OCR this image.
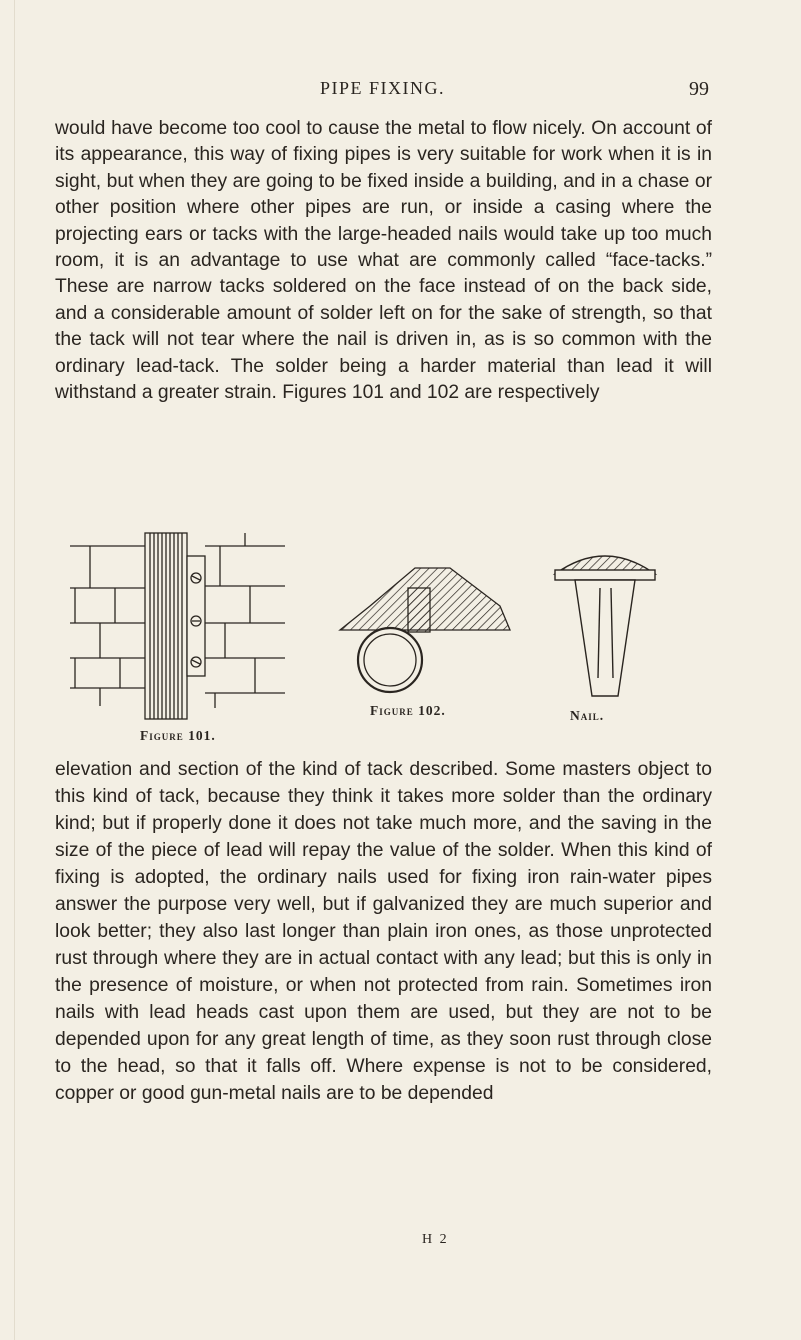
PIPE FIXING.	99

would have become too cool to cause the metal to flow nicely. On account of its appearance, this way of fixing pipes is very suitable for work when it is in sight, but when they are going to be fixed inside a building, and in a chase or other position where other pipes are run, or inside a casing where the projecting ears or tacks with the large-headed nails would take up too much room, it is an advantage to use what are commonly called “face-tacks.” These are narrow tacks soldered on the face instead of on the back side, and a considerable amount of solder left on for the sake of strength, so that the tack will not tear where the nail is driven in, as is so common with the ordinary lead-tack. The solder being a harder material than lead it will withstand a greater strain. Figures 101 and 102 are respectively

Figure 101.
Figure 102.	Nail.

elevation and section of the kind of tack described. Some masters object to this kind of tack, because they think it takes more solder than the ordinary kind; but if properly done it does not take much more, and the saving in the size of the piece of lead will repay the value of the solder. When this kind of fixing is adopted, the ordinary nails used for fixing iron rain-water pipes answer the purpose very well, but if galvanized they are much superior and look better; they also last longer than plain iron ones, as those unprotected rust through where they are in actual contact with any lead; but this is only in the presence of moisture, or when not protected from rain. Sometimes iron nails with lead heads cast upon them are used, but they are not to be depended upon for any great length of time, as they soon rust through close to the head, so that it falls off. Where expense is not to be considered, copper or good gun-metal nails are to be depended

H 2
